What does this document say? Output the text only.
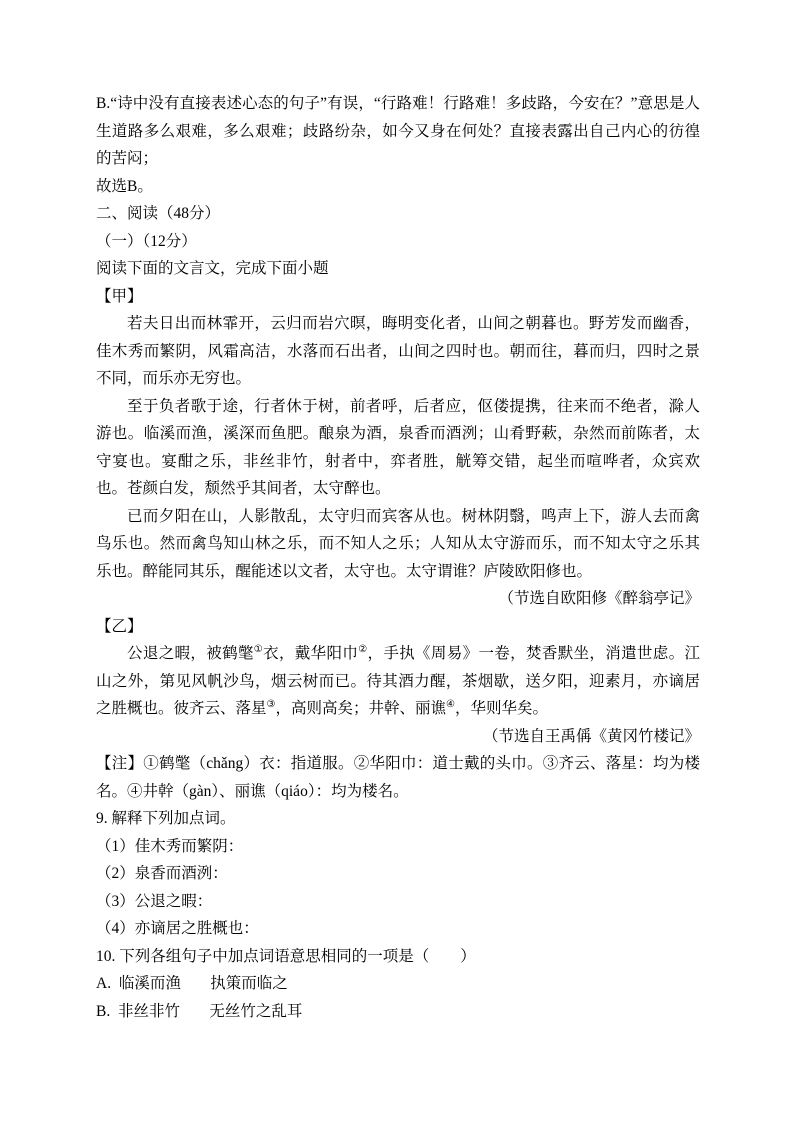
B.“诗中没有直接表述心态的句子”有误，“行路难！行路难！多歧路，今安在？”意思是人生道路多么艰难，多么艰难；歧路纷杂，如今又身在何处？直接表露出自己内心的彷徨的苦闷；

故选B。

二、阅读（48分）

（一）（12分）

阅读下面的文言文，完成下面小题

【甲】

若夫日出而林霏开，云归而岩穴暝，晦明变化者，山间之朝暮也。野芳发而幽香，佳木秀而繁阴，风霜高洁，水落而石出者，山间之四时也。朝而往，暮而归，四时之景不同，而乐亦无穷也。

至于负者歌于途，行者休于树，前者呼，后者应，伛偻提携，往来而不绝者，滁人游也。临溪而渔，溪深而鱼肥。酿泉为酒，泉香而酒洌；山肴野蔌，杂然而前陈者，太守宴也。宴酣之乐，非丝非竹，射者中，弈者胜，觥筹交错，起坐而喧哗者，众宾欢也。苍颜白发，颓然乎其间者，太守醉也。

已而夕阳在山，人影散乱，太守归而宾客从也。树林阴翳，鸣声上下，游人去而禽鸟乐也。然而禽鸟知山林之乐，而不知人之乐；人知从太守游而乐，而不知太守之乐其乐也。醉能同其乐，醒能述以文者，太守也。太守谓谁？庐陵欧阳修也。

（节选自欧阳修《醉翁亭记》

【乙】

公退之暇，被鹤氅①衣，戴华阳巾②，手执《周易》一卷，焚香默坐，消遣世虑。江山之外，第见风帆沙鸟，烟云树而已。待其酒力醒，茶烟歇，送夕阳，迎素月，亦谪居之胜概也。彼齐云、落星③，高则高矣；井幹、丽谯④，华则华矣。

（节选自王禹偁《黄冈竹楼记》

【注】①鹤氅（chǎng）衣：指道服。②华阳巾：道士戴的头巾。③齐云、落星：均为楼名。④井幹（gàn）、丽谯（qiáo）：均为楼名。

9. 解释下列加点词。

（1）佳木秀而繁阴：

（2）泉香而酒洌：

（3）公退之暇：

（4）亦谪居之胜概也：

10. 下列各组句子中加点词语意思相同的一项是（　　）

A. 临溪而渔 执策而临之

B. 非丝非竹 无丝竹之乱耳
